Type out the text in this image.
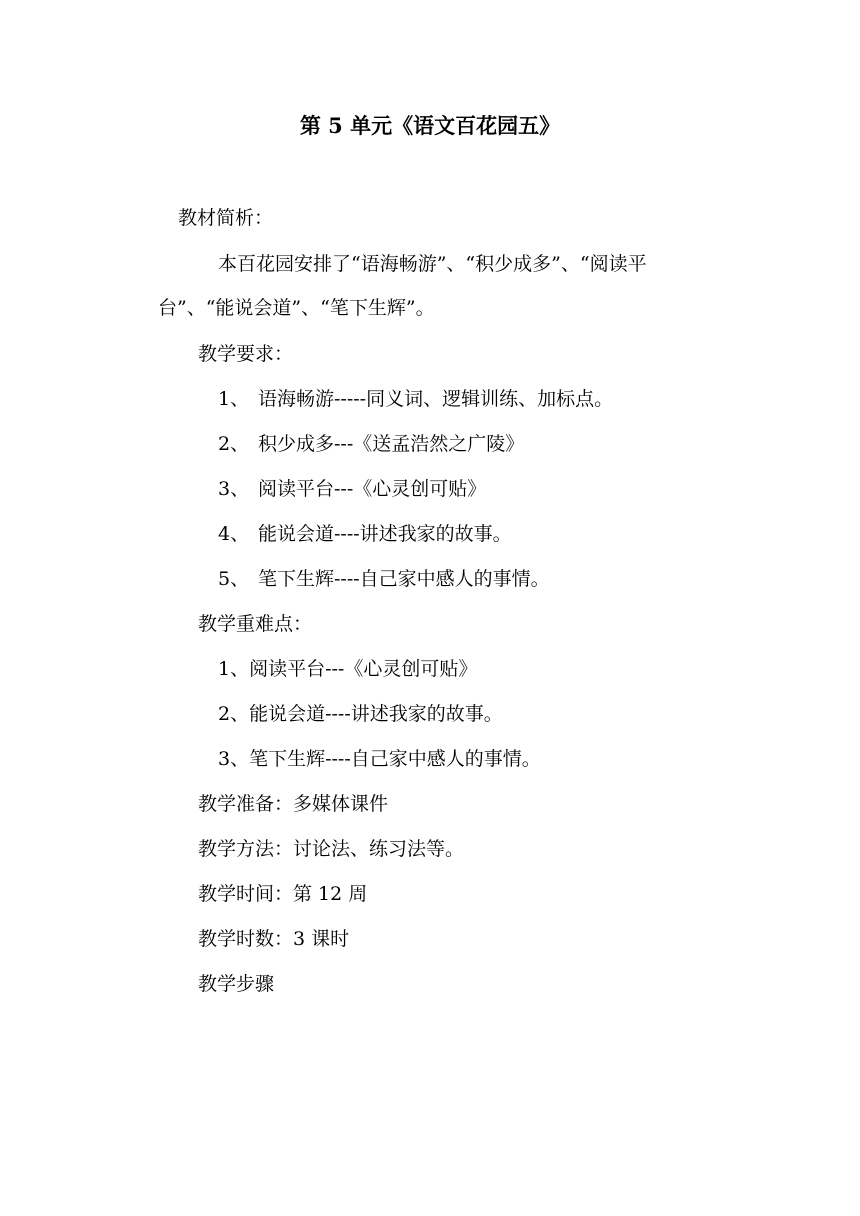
第 5 单元《语文百花园五》
教材简析：
本百花园安排了“语海畅游”、“积少成多”、“阅读平
台”、“能说会道”、“笔下生辉”。
教学要求：
1、 语海畅游-----同义词、逻辑训练、加标点。
2、 积少成多---《送孟浩然之广陵》
3、 阅读平台---《心灵创可贴》
4、 能说会道----讲述我家的故事。
5、 笔下生辉----自己家中感人的事情。
教学重难点：
1、阅读平台---《心灵创可贴》
2、能说会道----讲述我家的故事。
3、笔下生辉----自己家中感人的事情。
教学准备：多媒体课件
教学方法：讨论法、练习法等。
教学时间：第 12 周
教学时数：3 课时
教学步骤
